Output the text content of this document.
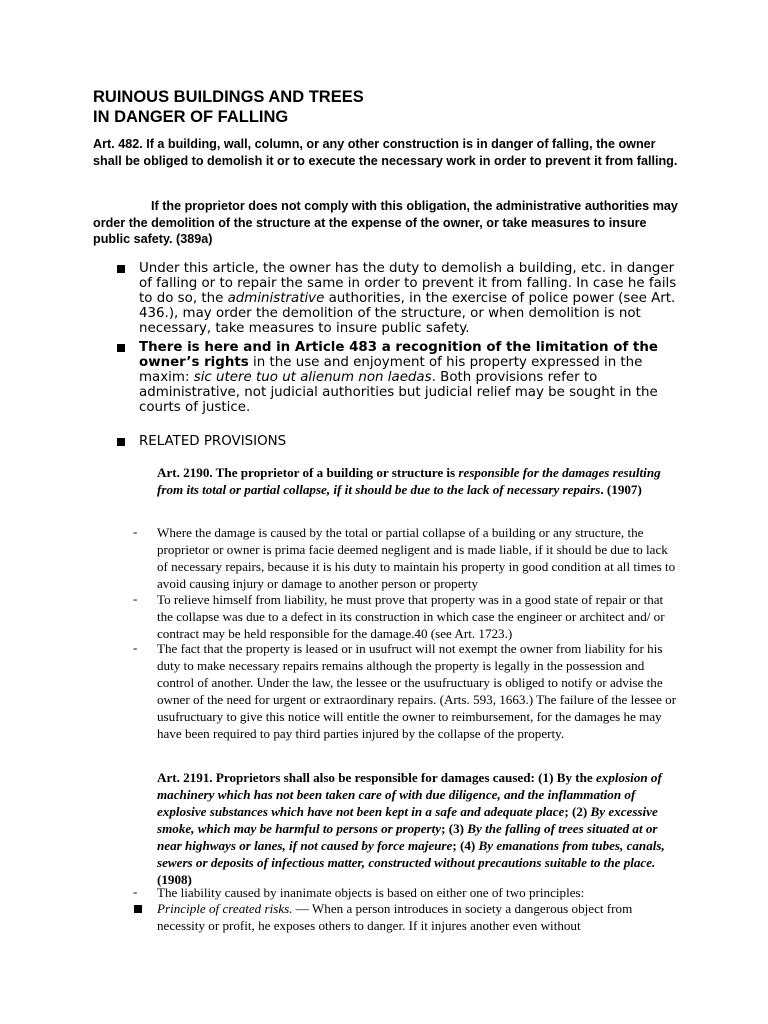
RUINOUS BUILDINGS AND TREES
IN DANGER OF FALLING
Art. 482. If a building, wall, column, or any other construction is in danger of falling, the owner shall be obliged to demolish it or to execute the necessary work in order to prevent it from falling.
If the proprietor does not comply with this obligation, the administrative authorities may order the demolition of the structure at the expense of the owner, or take measures to insure public safety. (389a)
Under this article, the owner has the duty to demolish a building, etc. in danger of falling or to repair the same in order to prevent it from falling. In case he fails to do so, the administrative authorities, in the exercise of police power (see Art. 436.), may order the demolition of the structure, or when demolition is not necessary, take measures to insure public safety.
There is here and in Article 483 a recognition of the limitation of the owner’s rights in the use and enjoyment of his property expressed in the maxim: sic utere tuo ut alienum non laedas. Both provisions refer to administrative, not judicial authorities but judicial relief may be sought in the courts of justice.
RELATED PROVISIONS
Art. 2190. The proprietor of a building or structure is responsible for the damages resulting from its total or partial collapse, if it should be due to the lack of necessary repairs. (1907)
- Where the damage is caused by the total or partial collapse of a building or any structure, the proprietor or owner is prima facie deemed negligent and is made liable, if it should be due to lack of necessary repairs, because it is his duty to maintain his property in good condition at all times to avoid causing injury or damage to another person or property
- To relieve himself from liability, he must prove that property was in a good state of repair or that the collapse was due to a defect in its construction in which case the engineer or architect and/ or contract may be held responsible for the damage.40 (see Art. 1723.)
- The fact that the property is leased or in usufruct will not exempt the owner from liability for his duty to make necessary repairs remains although the property is legally in the possession and control of another. Under the law, the lessee or the usufructuary is obliged to notify or advise the owner of the need for urgent or extraordinary repairs. (Arts. 593, 1663.) The failure of the lessee or usufructuary to give this notice will entitle the owner to reimbursement, for the damages he may have been required to pay third parties injured by the collapse of the property.
Art. 2191. Proprietors shall also be responsible for damages caused: (1) By the explosion of machinery which has not been taken care of with due diligence, and the inflammation of explosive substances which have not been kept in a safe and adequate place; (2) By excessive smoke, which may be harmful to persons or property; (3) By the falling of trees situated at or near highways or lanes, if not caused by force majeure; (4) By emanations from tubes, canals, sewers or deposits of infectious matter, constructed without precautions suitable to the place. (1908)
- The liability caused by inanimate objects is based on either one of two principles:
Principle of created risks. — When a person introduces in society a dangerous object from necessity or profit, he exposes others to danger. If it injures another even without
